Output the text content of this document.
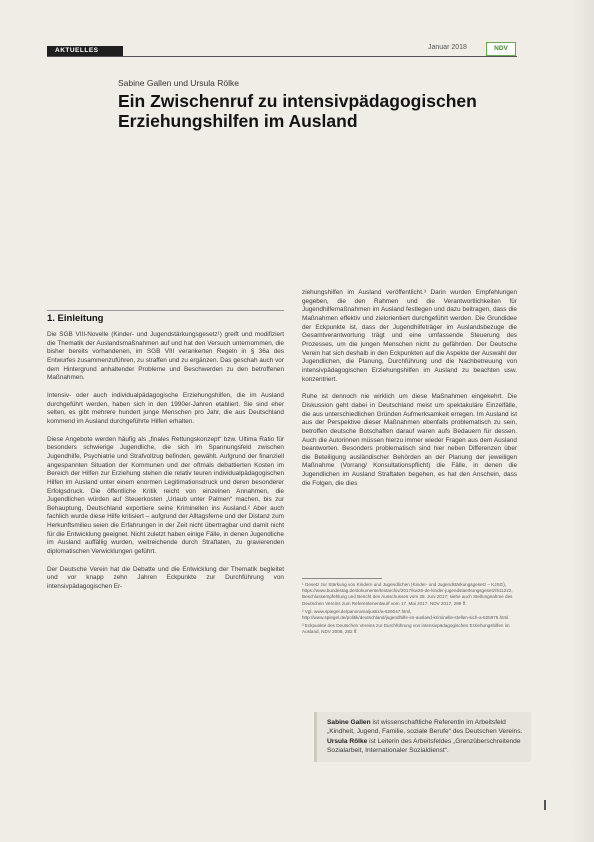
AKTUELLES	Januar 2018	NDV
Sabine Gallen und Ursula Rölke
Ein Zwischenruf zu intensivpädagogischen Erziehungshilfen im Ausland
1. Einleitung

Die SGB VIII-Novelle (Kinder- und Jugendstärkungsgesetz¹) greift und modifiziert die Thematik der Auslandsmaßnahmen auf und hat den Versuch unternommen, die bisher bereits vorhandenen, im SGB VIII verankerten Regeln in § 36a des Entwurfes zusammenzuführen, zu straffen und zu ergänzen. Das geschah auch vor dem Hintergrund anhaltender Probleme und Beschwerden zu den betroffenen Maßnahmen.

Intensiv- oder auch individualpädagogische Erziehungshilfen, die im Ausland durchgeführt werden, haben sich in den 1990er-Jahren etabliert. Sie sind eher selten, es gibt mehrere hundert junge Menschen pro Jahr, die aus Deutschland kommend im Ausland durchgeführte Hilfen erhalten.

Diese Angebote werden häufig als „finales Rettungskonzept“ bzw. Ultima Ratio für besonders schwierige Jugendliche, die sich im Spannungsfeld zwischen Jugendhilfe, Psychiatrie und Strafvollzug befinden, gewählt. Aufgrund der finanziell angespannten Situation der Kommunen und der oftmals debattierten Kosten im Bereich der Hilfen zur Erziehung stehen die relativ teuren individualpädagogischen Hilfen im Ausland unter einem enormen Legitimationsdruck und deren besonderer Erfolgsdruck. Die öffentliche Kritik reicht von einzelnen Annahmen, die Jugendlichen würden auf Steuerkosten „Urlaub unter Palmen“ machen, bis zur Behauptung, Deutschland exportiere seine Kriminellen ins Ausland.² Aber auch fachlich wurde diese Hilfe kritisiert – aufgrund der Alltagsferne und der Distanz zum Herkunftsmilieu seien die Erfahrungen in der Zeit nicht übertragbar und damit nicht für die Entwicklung geeignet. Nicht zuletzt haben einige Fälle, in denen Jugendliche im Ausland auffällig wurden, weitreichende durch Straftaten, zu gravierenden diplomatischen Verwicklungen geführt.

Der Deutsche Verein hat die Debatte und die Entwicklung der Thematik begleitet und vor knapp zehn Jahren Eckpunkte zur Durchführung von intensivpädagogischen Er-

ziehungshilfen im Ausland veröffentlicht.³ Darin wurden Empfehlungen gegeben, die den Rahmen und die Verantwortlichkeiten für Jugendhilfemaßnahmen im Ausland festlegen und dazu beitragen, dass die Maßnahmen effektiv und zielorientiert durchgeführt werden. Die Grundidee der Eckpunkte ist, dass der Jugendhilfeträger im Auslandsbezuge die Gesamtverantwortung trägt und eine umfassende Steuerung des Prozesses, um die jungen Menschen nicht zu gefährden. Der Deutsche Verein hat sich deshalb in den Eckpunkten auf die Aspekte der Auswahl der Jugendlichen, die Planung, Durchführung und die Nachbetreuung von intensivpädagogischen Erziehungshilfen im Ausland zu beachten usw. konzentriert.

Ruhe ist dennoch nie wirklich um diese Maßnahmen eingekehrt. Die Diskussion geht dabei in Deutschland meist um spektakuläre Einzelfälle, die aus unterschiedlichen Gründen Aufmerksamkeit erregen. Im Ausland ist aus der Perspektive dieser Maßnahmen ebenfalls problematisch zu sein, betroffen deutsche Botschaften darauf waren aufs Bedauern für dessen. Auch die Autorinnen müssen hierzu immer wieder Fragen aus dem Ausland beantworten. Besonders problematisch sind hier neben Differenzen über die Beteiligung ausländischer Behörden an der Planung der jeweiligen Maßnahme (Vorrang/ Konsultationspflicht) die Fälle, in denen die Jugendlichen im Ausland Straftaten begehen, es hat den Anschein, dass die Folgen, die dies

¹ Gesetz zur Stärkung von Kindern und Jugendlichen (Kinder- und Jugendstärkungsgesetz – KJSG), https://www.bundestag.de/dokumente/textarchiv/2017/kw26-de-kinder-jugendstaerkungsgesetz/511222, Beschlussempfehlung und Bericht des Ausschusses vom 28. Juni 2017; siehe auch Stellungnahme des Deutschen Vereins zum Referentenentwurf vom 17. Mai 2017, NDV 2017, 289 ff.

² Vgl. www.spiegel.de/panorama/justiz/a-526047.html, http://www.spiegel.de/politik/deutschland/jugendhilfe-im-ausland-kriminelle-stellen-sich-a-525975.html.

³ Eckpunkte des Deutschen Vereins zur Durchführung von intensivpädagogischen Erziehungshilfen im Ausland, NDV 2008, 282 ff.

Sabine Gallen ist wissenschaftliche Referentin im Arbeitsfeld „Kindheit, Jugend, Familie, soziale Berufe“ des Deutschen Vereins. Ursula Rölke ist Leiterin des Arbeitsfeldes „Grenzüberschreitende Sozialarbeit, Internationaler Sozialdienst“.
